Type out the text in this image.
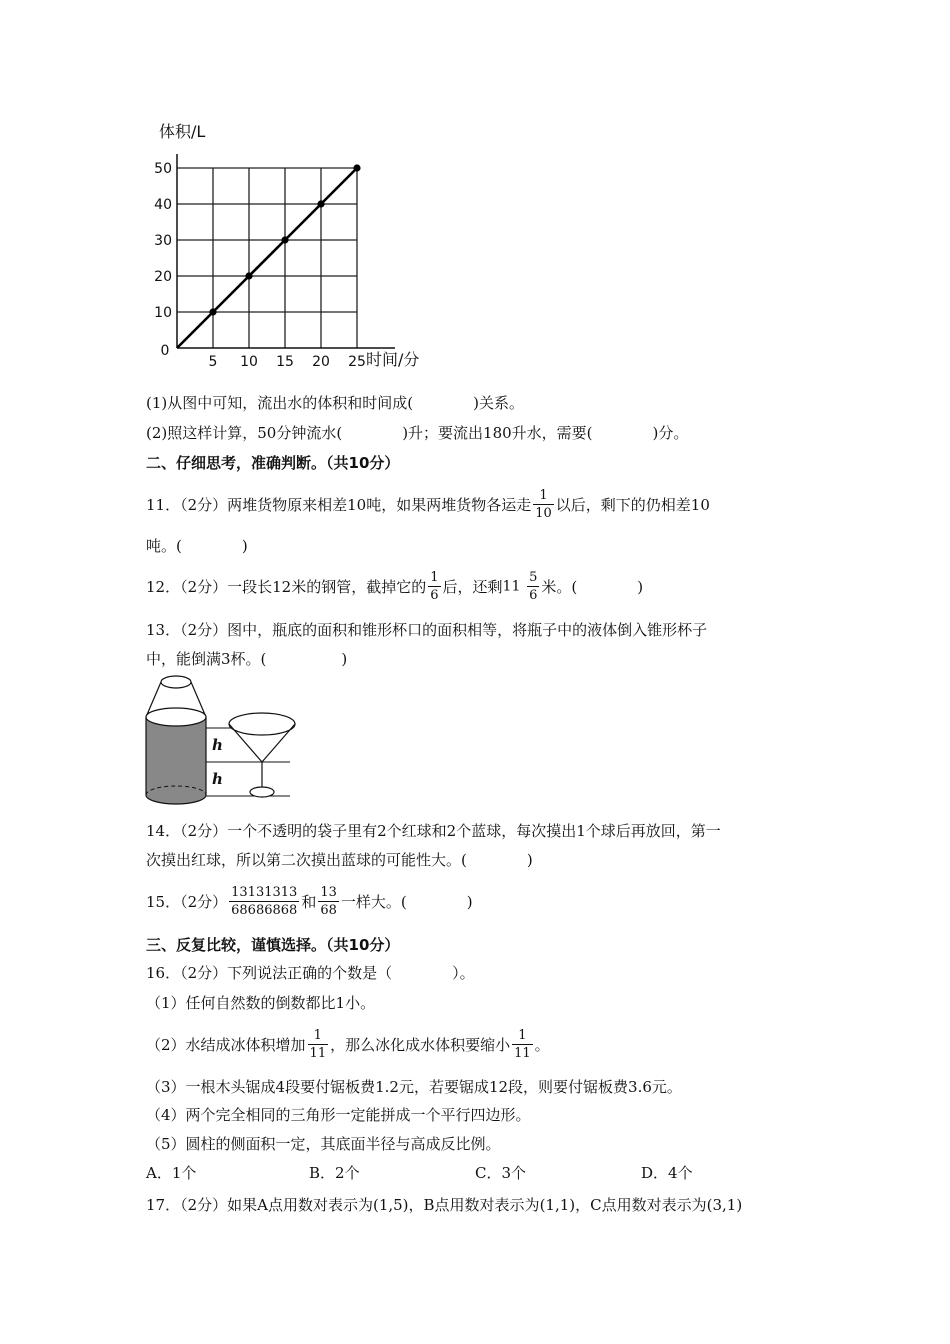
体积/L
时间/分
0
50
40
30
20
10
5 10 15 20 25
(1)从图中可知，流出水的体积和时间成(　　　　)关系。
(2)照这样计算，50分钟流水(　　　　)升；要流出180升水，需要(　　　　)分。
二、仔细思考，准确判断。（共10分）
11．（2分）两堆货物原来相差10吨，如果两堆货物各运走 $\frac{1}{10}$ 以后，剩下的仍相差10
吨。(　　　　)
12．（2分）一段长12米的钢管，截掉它的 $\frac{1}{6}$ 后，还剩 $11 \frac{5}{6}$ 米。(　　　　)
13．（2分）图中，瓶底的面积和锥形杯口的面积相等，将瓶子中的液体倒入锥形杯子
中，能倒满3杯。(　　　　　)
h
h
14．（2分）一个不透明的袋子里有2个红球和2个蓝球，每次摸出1个球后再放回，第一
次摸出红球，所以第二次摸出蓝球的可能性大。(　　　　)
15．（2分） $\frac{13131313}{68686868}$ 和 $\frac{13}{68}$ 一样大。(　　　　)
三、反复比较，谨慎选择。（共10分）
16．（2分）下列说法正确的个数是（　　　　）。
（1）任何自然数的倒数都比1小。
（2）水结成冰体积增加 $\frac{1}{11}$ ，那么冰化成水体积要缩小 $\frac{1}{11}$ 。
（3）一根木头锯成4段要付锯板费1.2元，若要锯成12段，则要付锯板费3.6元。
（4）两个完全相同的三角形一定能拼成一个平行四边形。
（5）圆柱的侧面积一定，其底面半径与高成反比例。
A．1个	B．2个	C．3个	D．4个
17．（2分）如果A点用数对表示为(1,5)，B点用数对表示为(1,1)，C点用数对表示为(3,1)
